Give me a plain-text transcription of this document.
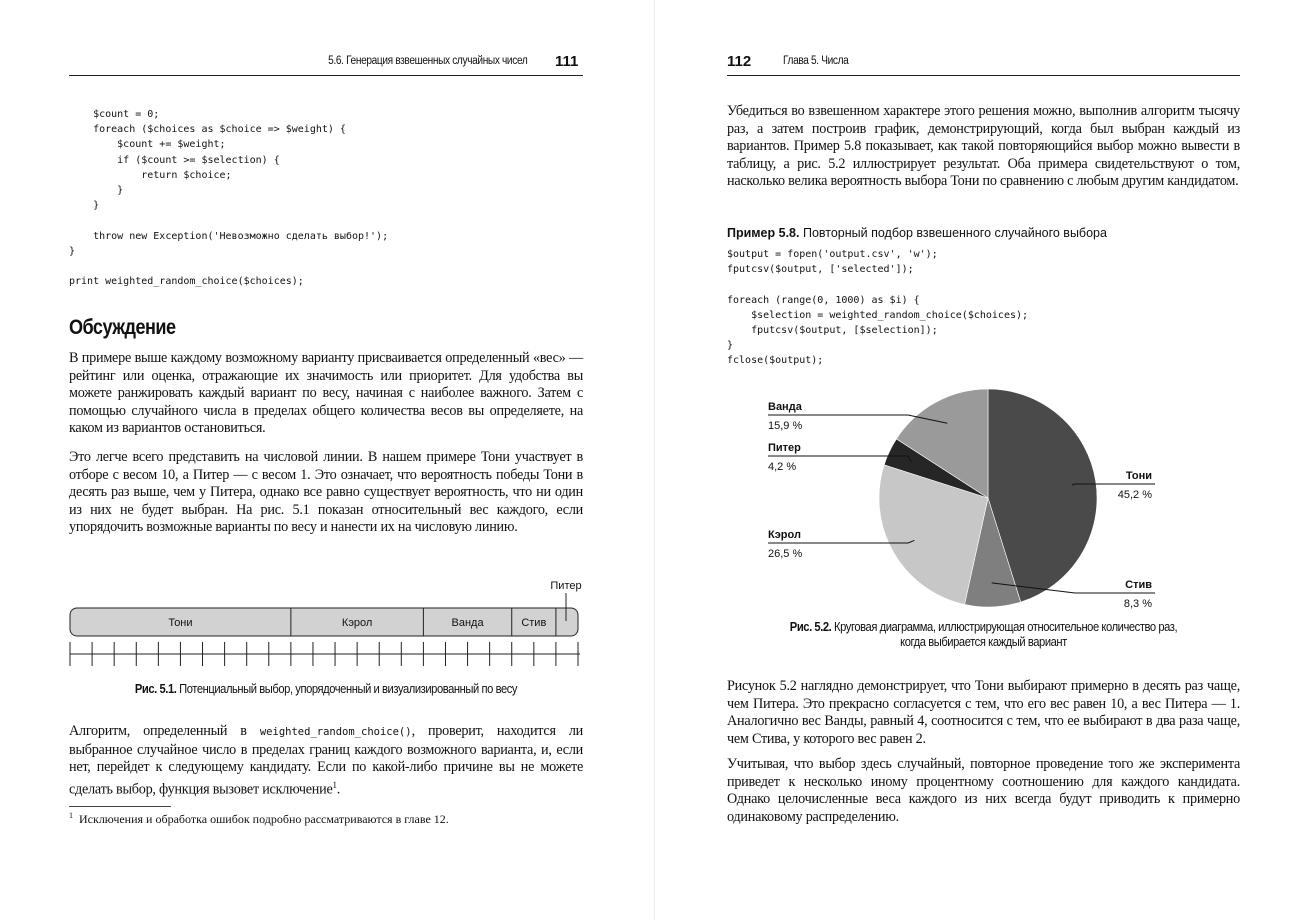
5.6. Генерация взвешенных случайных чисел 111
$count = 0;
foreach ($choices as $choice => $weight) {
$count += $weight;
if ($count >= $selection) {
return $choice;
}
}

throw new Exception('Невозможно сделать выбор!');
}

print weighted_random_choice($choices);
Обсуждение

В примере выше каждому возможному варианту присваивается определенный «вес» — рейтинг или оценка, отражающие их значимость или приоритет. Для удобства вы можете ранжировать каждый вариант по весу, начиная с наиболее важного. Затем с помощью случайного числа в пределах общего количества весов вы определяете, на каком из вариантов остановиться.

Это легче всего представить на числовой линии. В нашем примере Тони участвует в отборе с весом 10, а Питер — с весом 1. Это означает, что вероятность победы Тони в десять раз выше, чем у Питера, однако все равно существует вероятность, что ни один из них не будет выбран. На рис. 5.1 показан относительный вес каждого, если упорядочить возможные варианты по весу и нанести их на числовую линию.

Тони	Кэрол	Ванда	Стив
Питер
Рис. 5.1. Потенциальный выбор, упорядоченный и визуализированный по весу

Алгоритм, определенный в weighted_random_choice(), проверит, находится ли выбранное случайное число в пределах границ каждого возможного варианта, и, если нет, перейдет к следующему кандидату. Если по какой-либо причине вы не можете сделать выбор, функция вызовет исключение$^1$.

$^1$ Исключения и обработка ошибок подробно рассматриваются в главе 12.
112	Глава 5. Числа

Убедиться во взвешенном характере этого решения можно, выполнив алгоритм тысячу раз, а затем построив график, демонстрирующий, когда был выбран каждый из вариантов. Пример 5.8 показывает, как такой повторяющийся выбор можно вывести в таблицу, а рис. 5.2 иллюстрирует результат. Оба примера свидетельствуют о том, насколько велика вероятность выбора Тони по сравнению с любым другим кандидатом.

Пример 5.8. Повторный подбор взвешенного случайного выбора
$output = fopen('output.csv', 'w');
fputcsv($output, ['selected']);

foreach (range(0, 1000) as $i) {
$selection = weighted_random_choice($choices);
fputcsv($output, [$selection]);
}
fclose($output);
Тони
45,2 %
Стив
8,3 %
Кэрол
26,5 %
Питер
4,2 %
Ванда
15,9 %
Рис. 5.2. Круговая диаграмма, иллюстрирующая относительное количество раз,
когда выбирается каждый вариант

Рисунок 5.2 наглядно демонстрирует, что Тони выбирают примерно в десять раз чаще, чем Питера. Это прекрасно согласуется с тем, что его вес равен 10, а вес Питера — 1. Аналогично вес Ванды, равный 4, соотносится с тем, что ее выбирают в два раза чаще, чем Стива, у которого вес равен 2.

Учитывая, что выбор здесь случайный, повторное проведение того же эксперимента приведет к несколько иному процентному соотношению для каждого кандидата. Однако целочисленные веса каждого из них всегда будут приводить к примерно одинаковому распределению.
